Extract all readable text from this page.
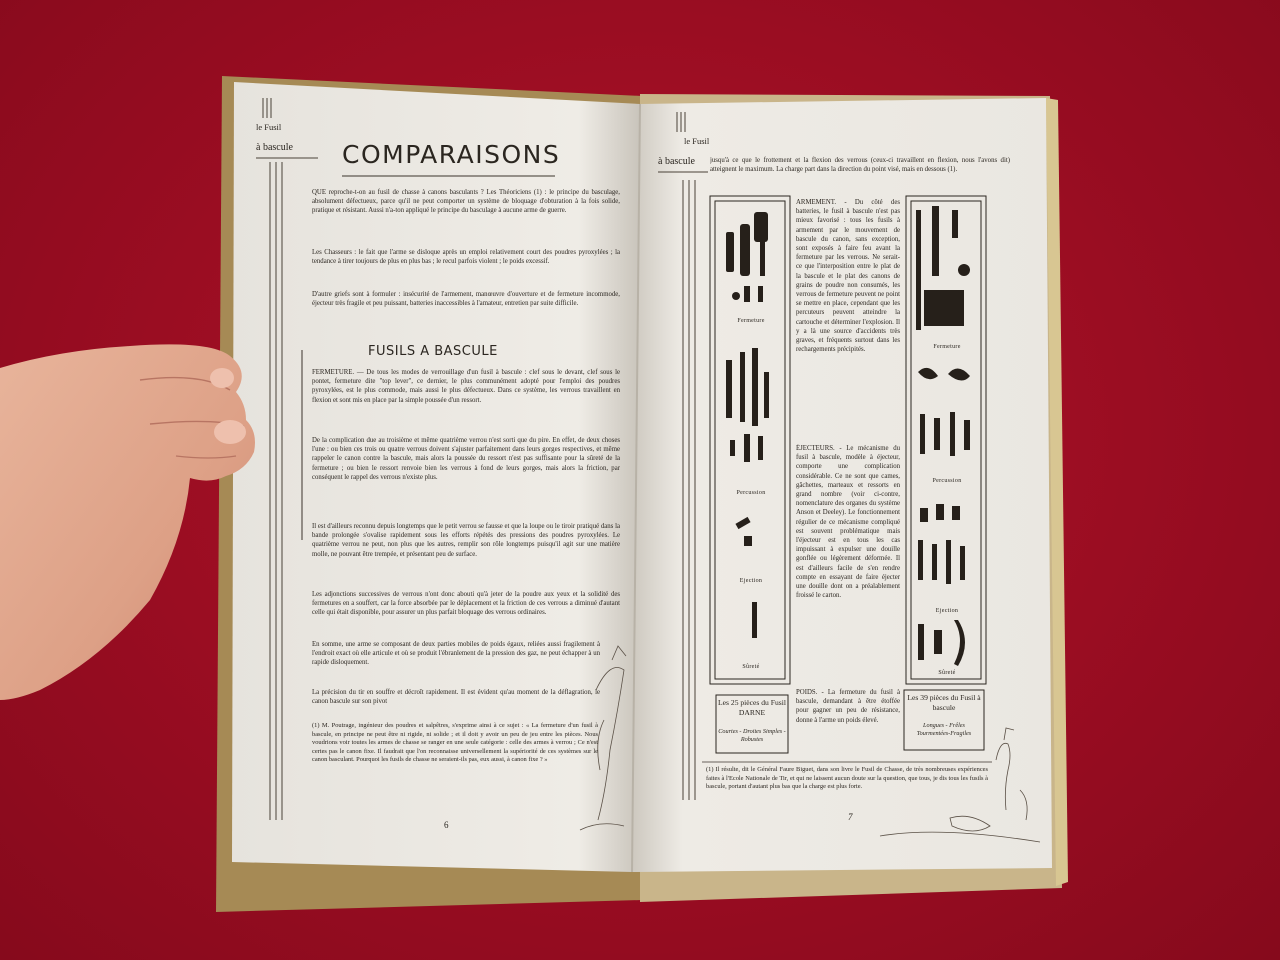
le Fusil
à bascule COMPARAISONS
QUE reproche-t-on au fusil de chasse à canons basculants ? Les Théoriciens (1) : le principe du basculage, absolument défectueux, parce qu'il ne peut comporter un système de bloquage d'obturation à la fois solide, pratique et résistant. Aussi n'a-ton appliqué le principe du basculage à aucune arme de guerre.
Les Chasseurs : le fait que l'arme se disloque après un emploi relativement court des poudres pyroxylées ; la tendance à tirer toujours de plus en plus bas ; le recul parfois violent ; le poids excessif.
D'autre griefs sont à formuler : insécurité de l'armement, manœuvre d'ouverture et de fermeture incommode, éjecteur très fragile et peu puissant, batteries inaccessibles à l'amateur, entretien par suite difficile.
FUSILS A BASCULE
FERMETURE. — De tous les modes de verrouillage d'un fusil à bascule : clef sous le devant, clef sous le pontet, fermeture dite "top lever", ce dernier, le plus communément adopté pour l'emploi des poudres pyroxylées, est le plus commode, mais aussi le plus défectueux. Dans ce système, les verrous travaillent en flexion et sont mis en place par la simple poussée d'un ressort.
De la complication due au troisième et même quatrième verrou n'est sorti que du pire. En effet, de deux choses l'une : ou bien ces trois ou quatre verrous doivent s'ajuster parfaitement dans leurs gorges respectives, et même rappeler le canon contre la bascule, mais alors la poussée du ressort n'est pas suffisante pour la sûreté de la fermeture ; ou bien le ressort renvoie bien les verrous à fond de leurs gorges, mais alors la friction, par conséquent le rappel des verrous n'existe plus.
Il est d'ailleurs reconnu depuis longtemps que le petit verrou se fausse et que la loupe ou le tiroir pratiqué dans la bande prolongée s'ovalise rapidement sous les efforts répétés des pressions des poudres pyroxylées. Le quatrième verrou ne peut, non plus que les autres, remplir son rôle longtemps puisqu'il agit sur une matière molle, ne pouvant être trempée, et présentant peu de surface.
Les adjonctions successives de verrous n'ont donc abouti qu'à jeter de la poudre aux yeux et la solidité des fermetures en a souffert, car la force absorbée par le déplacement et la friction de ces verrous a diminué d'autant celle qui était disponible, pour assurer un plus parfait bloquage des verrous ordinaires.
En somme, une arme se composant de deux parties mobiles de poids égaux, reliées aussi fragilement à l'endroit exact où elle articule et où se produit l'ébranlement de la pression des gaz, ne peut échapper à un rapide disloquement.
La précision du tir en souffre et décroît rapidement. Il est évident qu'au moment de la déflagration, le canon bascule sur son pivot
(1) M. Poutrage, ingénieur des poudres et salpêtres, s'exprime ainsi à ce sujet : « La fermeture d'un fusil à bascule, en principe ne peut être ni rigide, ni solide ; et il doit y avoir un peu de jeu entre les pièces. Nous voudrions voir toutes les armes de chasse se ranger en une seule catégorie : celle des armes à verrou ; Ce n'est certes pas le canon fixe. Il faudrait que l'on reconnaisse universellement la supériorité de ces systèmes sur le canon basculant. Pourquoi les fusils de chasse ne seraient-ils pas, eux aussi, à canon fixe ? »
6
le Fusil
à bascule jusqu'à ce que le frottement et la flexion des verrous (ceux-ci travaillent en flexion, nous l'avons dit) atteignent le maximum. La charge part dans la direction du point visé, mais en dessous (1).
ARMEMENT. - Du côté des batteries, le fusil à bascule n'est pas mieux favorisé : tous les fusils à armement par le mouvement de bascule du canon, sans exception, sont exposés à faire feu avant la fermeture par les verrous. Ne serait-ce que l'interposition entre le plat de la bascule et le plat des canons de grains de poudre non consumés, les verrous de fermeture peuvent ne point se mettre en place, cependant que les percuteurs peuvent atteindre la cartouche et déterminer l'explosion. Il y a là une source d'accidents très graves, et fréquents surtout dans les rechargements précipités.
ÉJECTEURS. - Le mécanisme du fusil à bascule, modèle à éjecteur, comporte une complication considérable. Ce ne sont que cames, gâchettes, marteaux et ressorts en grand nombre (voir ci-contre, nomenclature des organes du système Anson et Deeley). Le fonctionnement régulier de ce mécanisme compliqué est souvent problématique mais l'éjecteur est en tous les cas impuissant à expulser une douille gonflée ou légèrement déformée. Il est d'ailleurs facile de s'en rendre compte en essayant de faire éjecter une douille dont on a préalablement froissé le carton.
POIDS. - La fermeture du fusil à bascule, demandant à être étoffée pour gagner un peu de résistance, donne à l'arme un poids élevé.
Fermeture
Percussion
Ejection
Sûreté
Les 25 pièces du Fusil DARNE
Courtes - Droites Simples - Robustes
Fermeture
Percussion
Ejection
Sûreté
Les 39 pièces du Fusil à bascule
Longues - Frêles Tourmentées-Fragiles
(1) Il résulte, dit le Général Faure Biguet, dans son livre le Fusil de Chasse, de très nombreuses expériences faites à l'Ecole Nationale de Tir, et qui ne laissent aucun doute sur la question, que tous, je dis tous les fusils à bascule, portant d'autant plus bas que la charge est plus forte.
7
